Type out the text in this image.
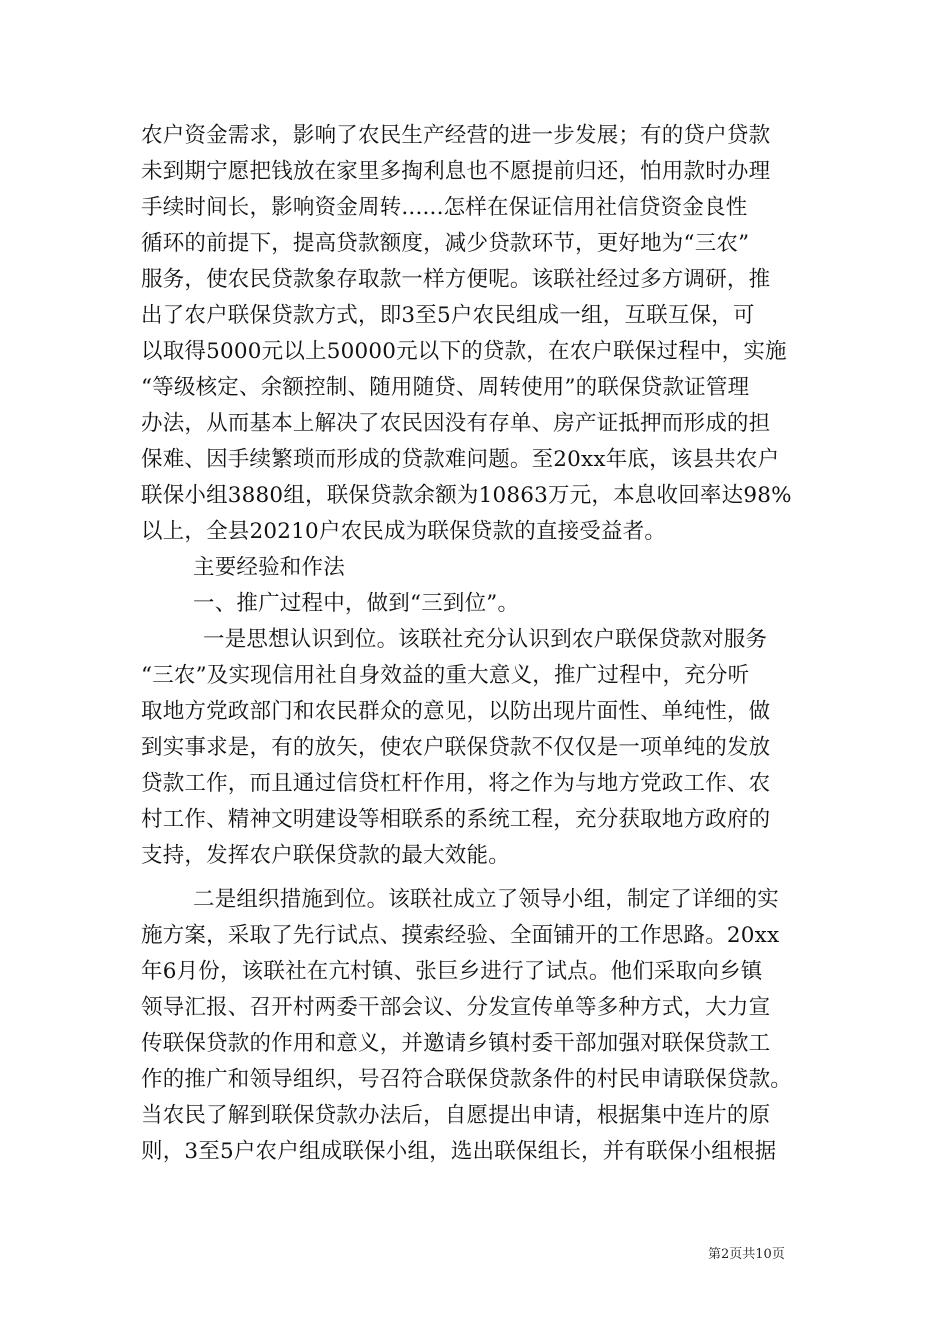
农户资金需求，影响了农民生产经营的进一步发展；有的贷户贷款
未到期宁愿把钱放在家里多掏利息也不愿提前归还，怕用款时办理
手续时间长，影响资金周转......怎样在保证信用社信贷资金良性
循环的前提下，提高贷款额度，减少贷款环节，更好地为“三农”
服务，使农民贷款象存取款一样方便呢。该联社经过多方调研，推
出了农户联保贷款方式，即3至5户农民组成一组，互联互保，可
以取得5000元以上50000元以下的贷款，在农户联保过程中，实施
“等级核定、余额控制、随用随贷、周转使用”的联保贷款证管理
办法，从而基本上解决了农民因没有存单、房产证抵押而形成的担
保难、因手续繁琐而形成的贷款难问题。至20xx年底，该县共农户
联保小组3880组，联保贷款余额为10863万元，本息收回率达98%
以上，全县20210户农民成为联保贷款的直接受益者。
主要经验和作法
一、推广过程中，做到“三到位”。
一是思想认识到位。该联社充分认识到农户联保贷款对服务
“三农”及实现信用社自身效益的重大意义，推广过程中，充分听
取地方党政部门和农民群众的意见，以防出现片面性、单纯性，做
到实事求是，有的放矢，使农户联保贷款不仅仅是一项单纯的发放
贷款工作，而且通过信贷杠杆作用，将之作为与地方党政工作、农
村工作、精神文明建设等相联系的系统工程，充分获取地方政府的
支持，发挥农户联保贷款的最大效能。
二是组织措施到位。该联社成立了领导小组，制定了详细的实
施方案，采取了先行试点、摸索经验、全面铺开的工作思路。20xx
年6月份，该联社在亢村镇、张巨乡进行了试点。他们采取向乡镇
领导汇报、召开村两委干部会议、分发宣传单等多种方式，大力宣
传联保贷款的作用和意义，并邀请乡镇村委干部加强对联保贷款工
作的推广和领导组织，号召符合联保贷款条件的村民申请联保贷款。
当农民了解到联保贷款办法后，自愿提出申请，根据集中连片的原
则，3至5户农户组成联保小组，选出联保组长，并有联保小组根据
第2页共10页
